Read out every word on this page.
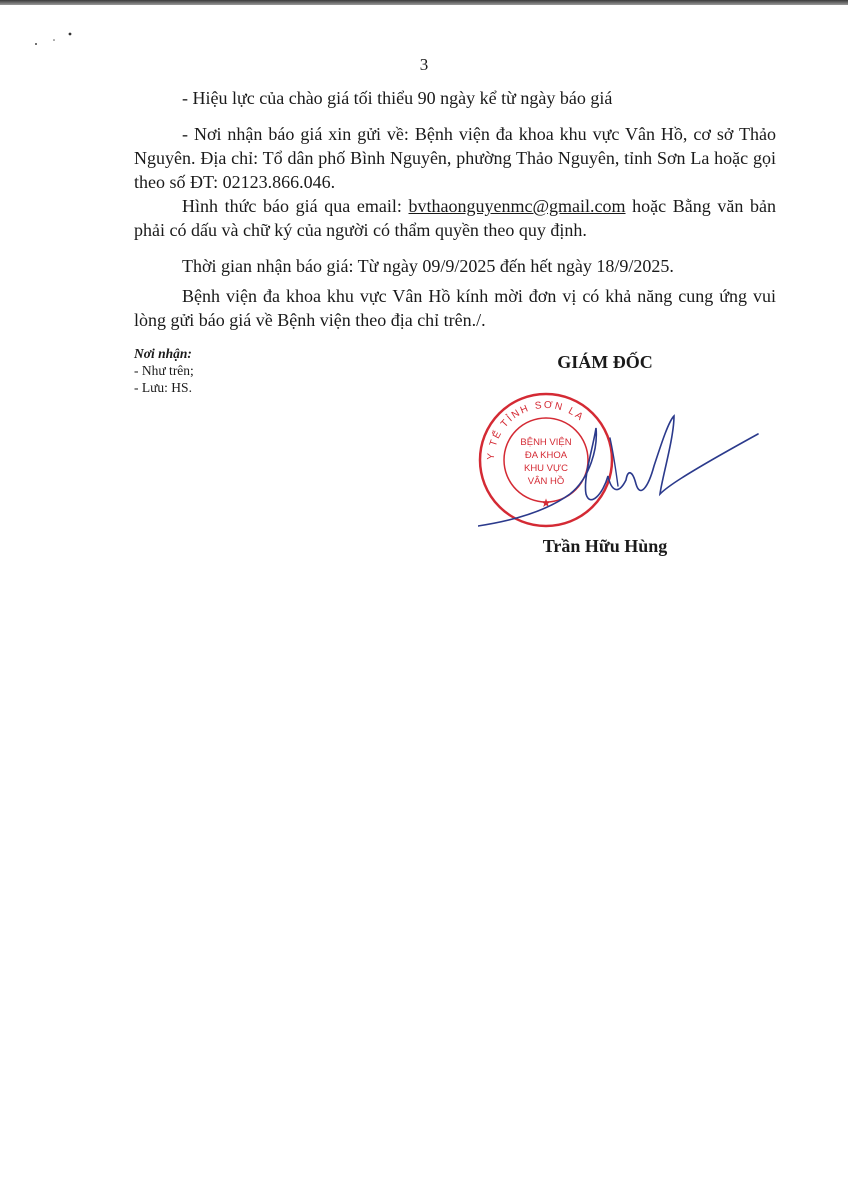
3

- Hiệu lực của chào giá tối thiểu 90 ngày kể từ ngày báo giá

- Nơi nhận báo giá xin gửi về: Bệnh viện đa khoa khu vực Vân Hồ, cơ sở Thảo Nguyên. Địa chỉ: Tổ dân phố Bình Nguyên, phường Thảo Nguyên, tỉnh Sơn La hoặc gọi theo số ĐT: 02123.866.046.

Hình thức báo giá qua email: bvthaonguyenmc@gmail.com hoặc Bằng văn bản phải có dấu và chữ ký của người có thẩm quyền theo quy định.

Thời gian nhận báo giá: Từ ngày 09/9/2025 đến hết ngày 18/9/2025.

Bệnh viện đa khoa khu vực Vân Hồ kính mời đơn vị có khả năng cung ứng vui lòng gửi báo giá về Bệnh viện theo địa chỉ trên./.

Nơi nhận:
- Như trên;
- Lưu: HS.
GIÁM ĐỐC
Y TẾ TỈNH SƠN LA
★
BỆNH VIỆN
ĐA KHOA
KHU VỰC
VÂN HỒ
Trần Hữu Hùng
